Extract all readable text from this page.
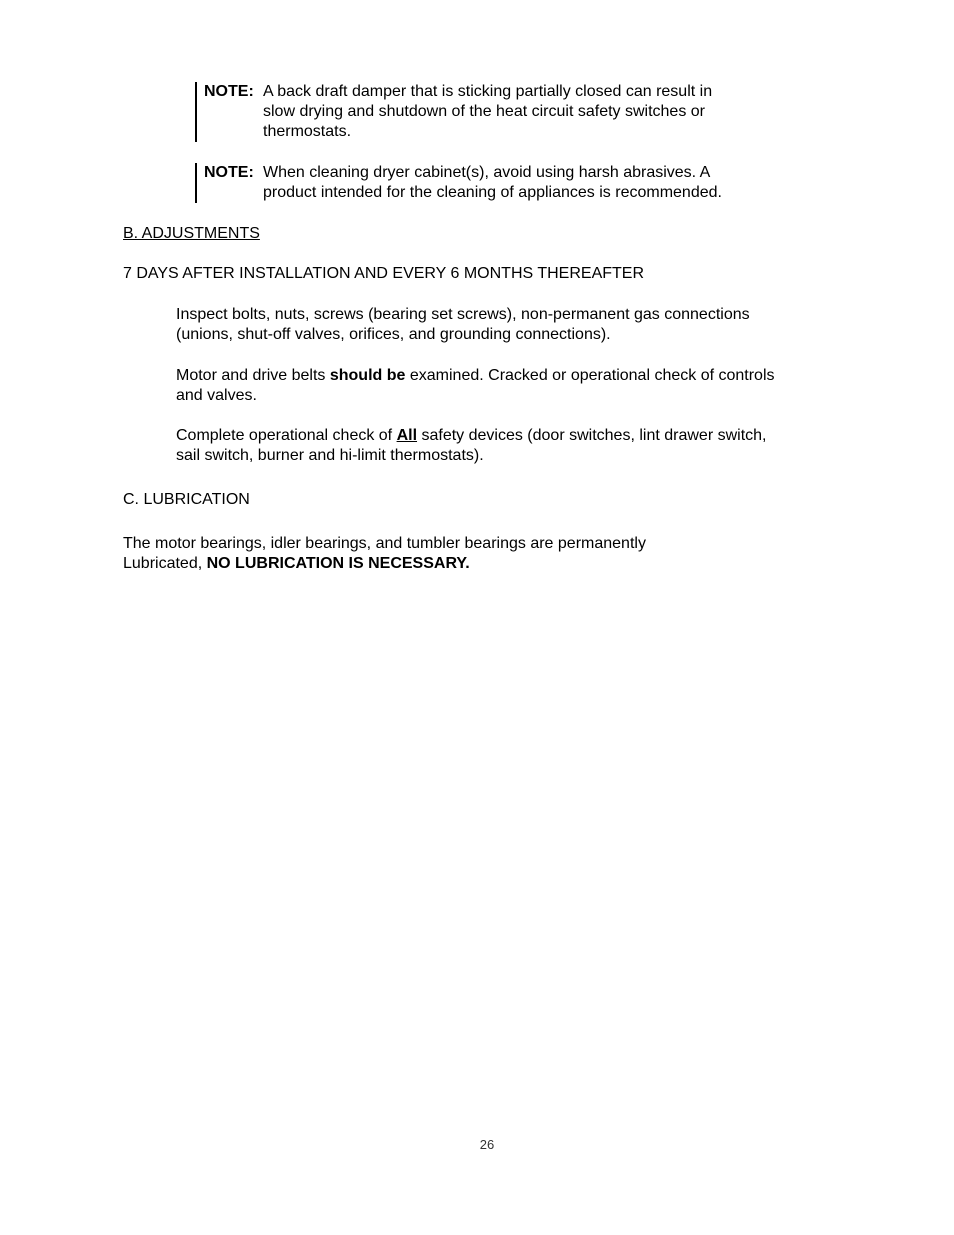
NOTE: A back draft damper that is sticking partially closed can result in
slow drying and shutdown of the heat circuit safety switches or
thermostats.
NOTE: When cleaning dryer cabinet(s), avoid using harsh abrasives. A
product intended for the cleaning of appliances is recommended.
B. ADJUSTMENTS
7 DAYS AFTER INSTALLATION AND EVERY 6 MONTHS THEREAFTER
Inspect bolts, nuts, screws (bearing set screws), non-permanent gas connections
(unions, shut-off valves, orifices, and grounding connections).
Motor and drive belts should be examined. Cracked or operational check of controls
and valves.
Complete operational check of All safety devices (door switches, lint drawer switch,
sail switch, burner and hi-limit thermostats).
C. LUBRICATION
The motor bearings, idler bearings, and tumbler bearings are permanently
Lubricated, NO LUBRICATION IS NECESSARY.
26
